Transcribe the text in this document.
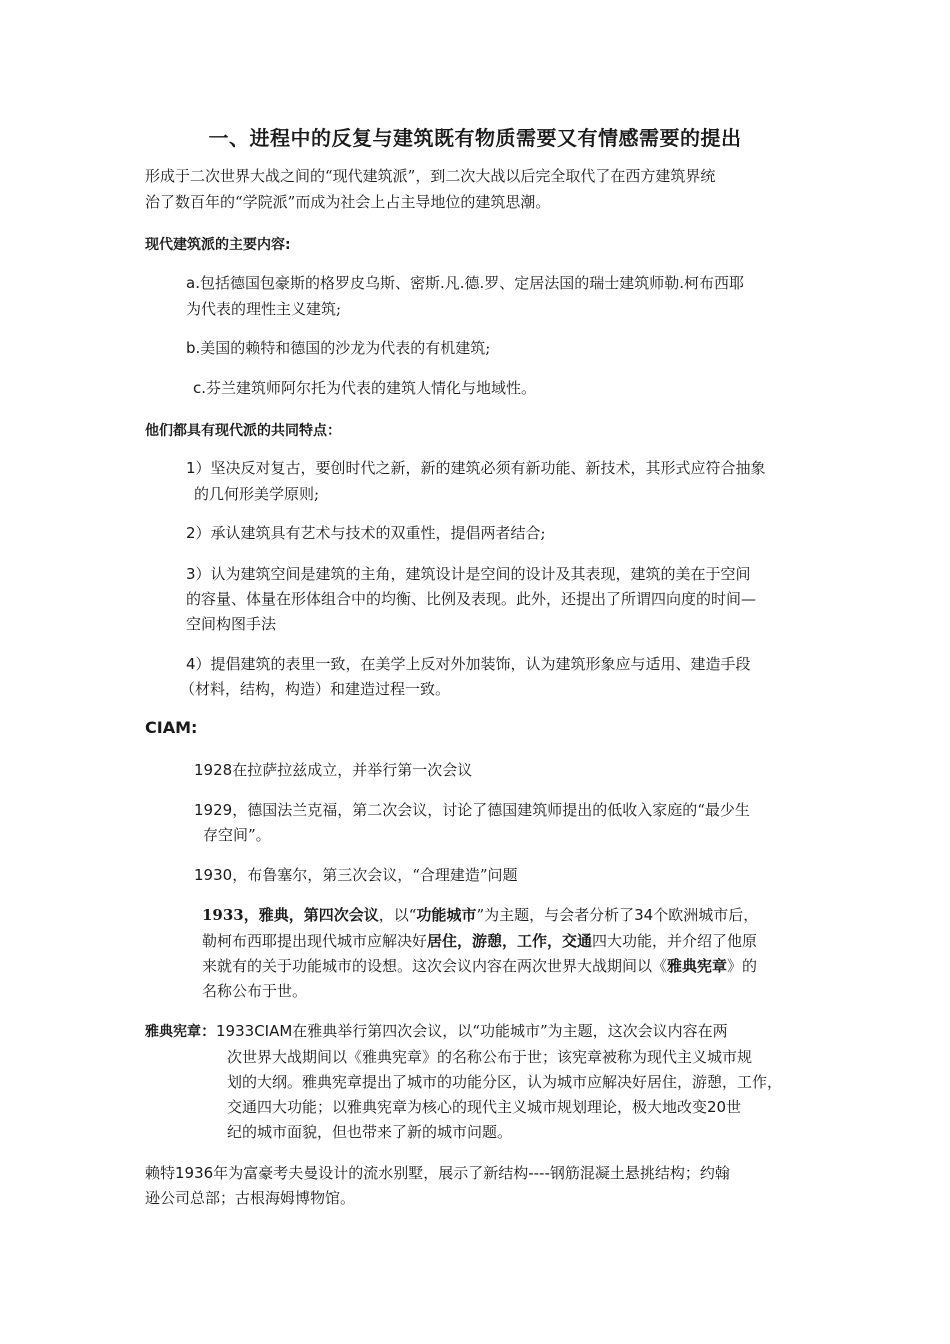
一、进程中的反复与建筑既有物质需要又有情感需要的提出

形成于二次世界大战之间的“现代建筑派”，到二次大战以后完全取代了在西方建筑界统

治了数百年的“学院派”而成为社会上占主导地位的建筑思潮。

现代建筑派的主要内容:

a.包括德国包豪斯的格罗皮乌斯、密斯.凡.德.罗、定居法国的瑞士建筑师勒.柯布西耶

为代表的理性主义建筑;

b.美国的赖特和德国的沙龙为代表的有机建筑;

c.芬兰建筑师阿尔托为代表的建筑人情化与地域性。

他们都具有现代派的共同特点：

1）坚决反对复古，要创时代之新，新的建筑必须有新功能、新技术，其形式应符合抽象

的几何形美学原则;

2）承认建筑具有艺术与技术的双重性，提倡两者结合;

3）认为建筑空间是建筑的主角，建筑设计是空间的设计及其表现，建筑的美在于空间

的容量、体量在形体组合中的均衡、比例及表现。此外，还提出了所谓四向度的时间—

空间构图手法

4）提倡建筑的表里一致，在美学上反对外加装饰，认为建筑形象应与适用、建造手段

（材料，结构，构造）和建造过程一致。

CIAM:

1928在拉萨拉兹成立，并举行第一次会议

1929，德国法兰克福，第二次会议，讨论了德国建筑师提出的低收入家庭的“最少生

存空间”。

1930，布鲁塞尔，第三次会议，“合理建造”问题

1933，雅典，第四次会议，以“功能城市”为主题，与会者分析了34个欧洲城市后，

勒柯布西耶提出现代城市应解决好居住，游憩，工作，交通四大功能，并介绍了他原

来就有的关于功能城市的设想。这次会议内容在两次世界大战期间以《雅典宪章》的

名称公布于世。

雅典宪章：1933CIAM在雅典举行第四次会议，以“功能城市”为主题，这次会议内容在两

次世界大战期间以《雅典宪章》的名称公布于世；该宪章被称为现代主义城市规

划的大纲。雅典宪章提出了城市的功能分区，认为城市应解决好居住，游憩，工作，

交通四大功能；以雅典宪章为核心的现代主义城市规划理论，极大地改变20世

纪的城市面貌，但也带来了新的城市问题。

赖特1936年为富豪考夫曼设计的流水别墅，展示了新结构----钢筋混凝土悬挑结构；约翰

逊公司总部；古根海姆博物馆。
